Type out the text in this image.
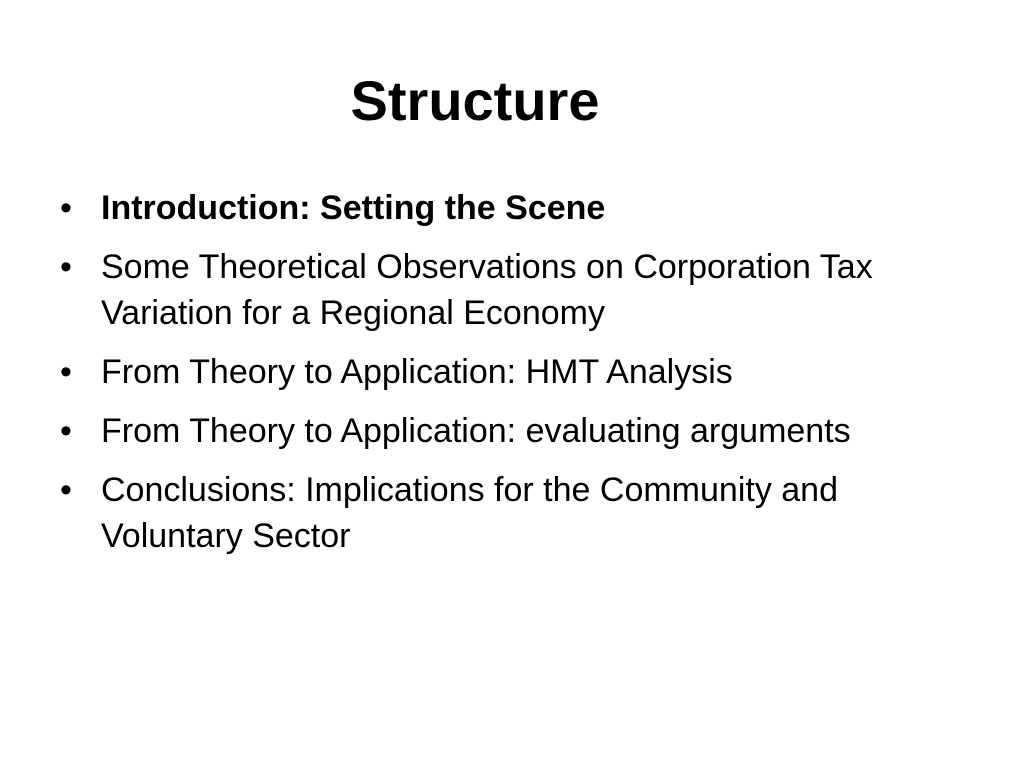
Structure
• Introduction: Setting the Scene
• Some Theoretical Observations on Corporation Tax Variation for a Regional Economy
• From Theory to Application: HMT Analysis
• From Theory to Application: evaluating arguments
• Conclusions: Implications for the Community and Voluntary Sector
